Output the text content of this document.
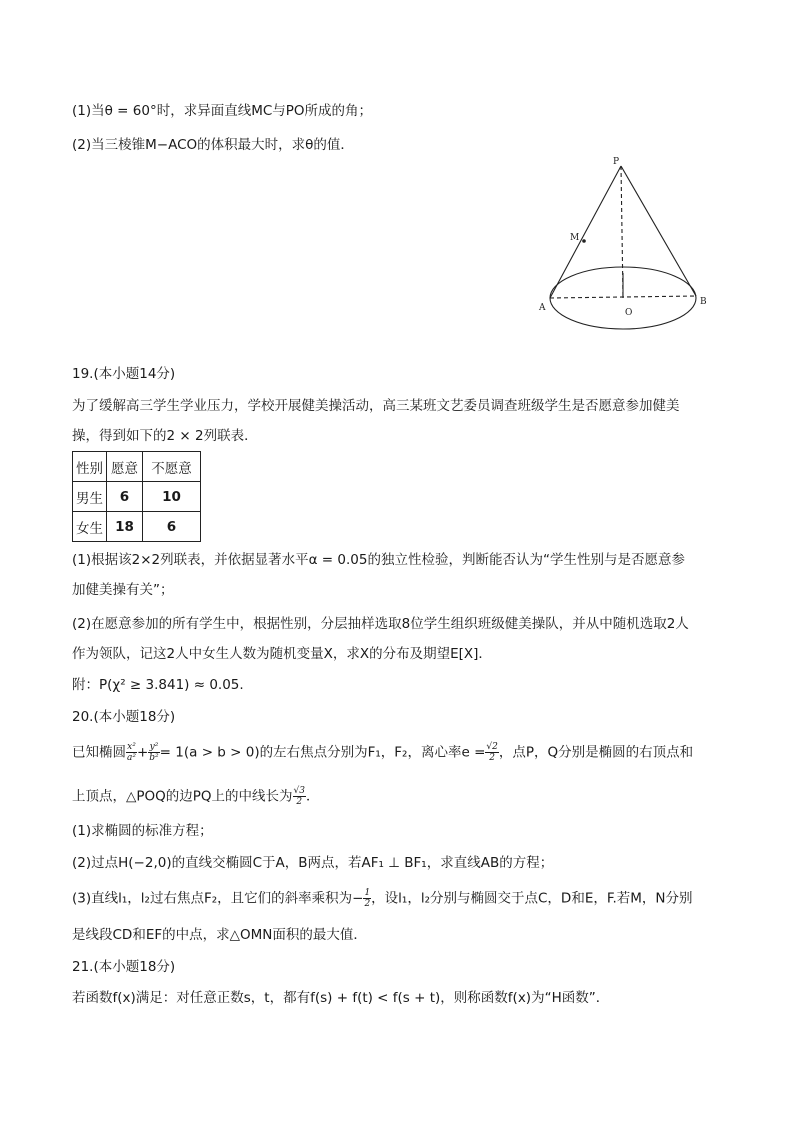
(1)当θ = 60°时，求异面直线MC与PO所成的角；
(2)当三棱锥M−ACO的体积最大时，求θ的值．
P
M
A
B
O
19.(本小题14分)
为了缓解高三学生学业压力，学校开展健美操活动，高三某班文艺委员调查班级学生是否愿意参加健美
操，得到如下的2 × 2列联表．
性别	愿意	不愿意
男生	6	10
女生	18	6
(1)根据该2×2列联表，并依据显著水平α = 0.05的独立性检验，判断能否认为“学生性别与是否愿意参
加健美操有关”；
(2)在愿意参加的所有学生中，根据性别，分层抽样选取8位学生组织班级健美操队，并从中随机选取2人
作为领队，记这2人中女生人数为随机变量X，求X的分布及期望E[X]．
附：P(χ² ≥ 3.841) ≈ 0.05.
20.(本小题18分)
已知椭圆 $\frac{\text{x²}}{\text{a²}} + \frac{\text{y²}}{\text{b²}} = 1(a > b > 0)$的左右焦点分别为F₁，F₂，离心率$e = \frac{√2}{2}$ ，点P，Q分别是椭圆的右顶点和
上顶点，△POQ的边PQ上的中线长为 $\frac{√3}{2}$ ．
(1)求椭圆的标准方程；
(2)过点H(−2,0)的直线交椭圆C于A，B两点，若AF₁ ⊥ BF₁，求直线AB的方程；
(3)直线l₁，l₂过右焦点F₂，且它们的斜率乘积为− $\frac{1}{2}$ ，设l₁，l₂分别与椭圆交于点C，D和E，F.若M，N分别
是线段CD和EF的中点，求△OMN面积的最大值．
21.(本小题18分)
若函数f(x)满足：对任意正数s，t，都有f(s) + f(t) < f(s + t)，则称函数f(x)为“H函数”．
